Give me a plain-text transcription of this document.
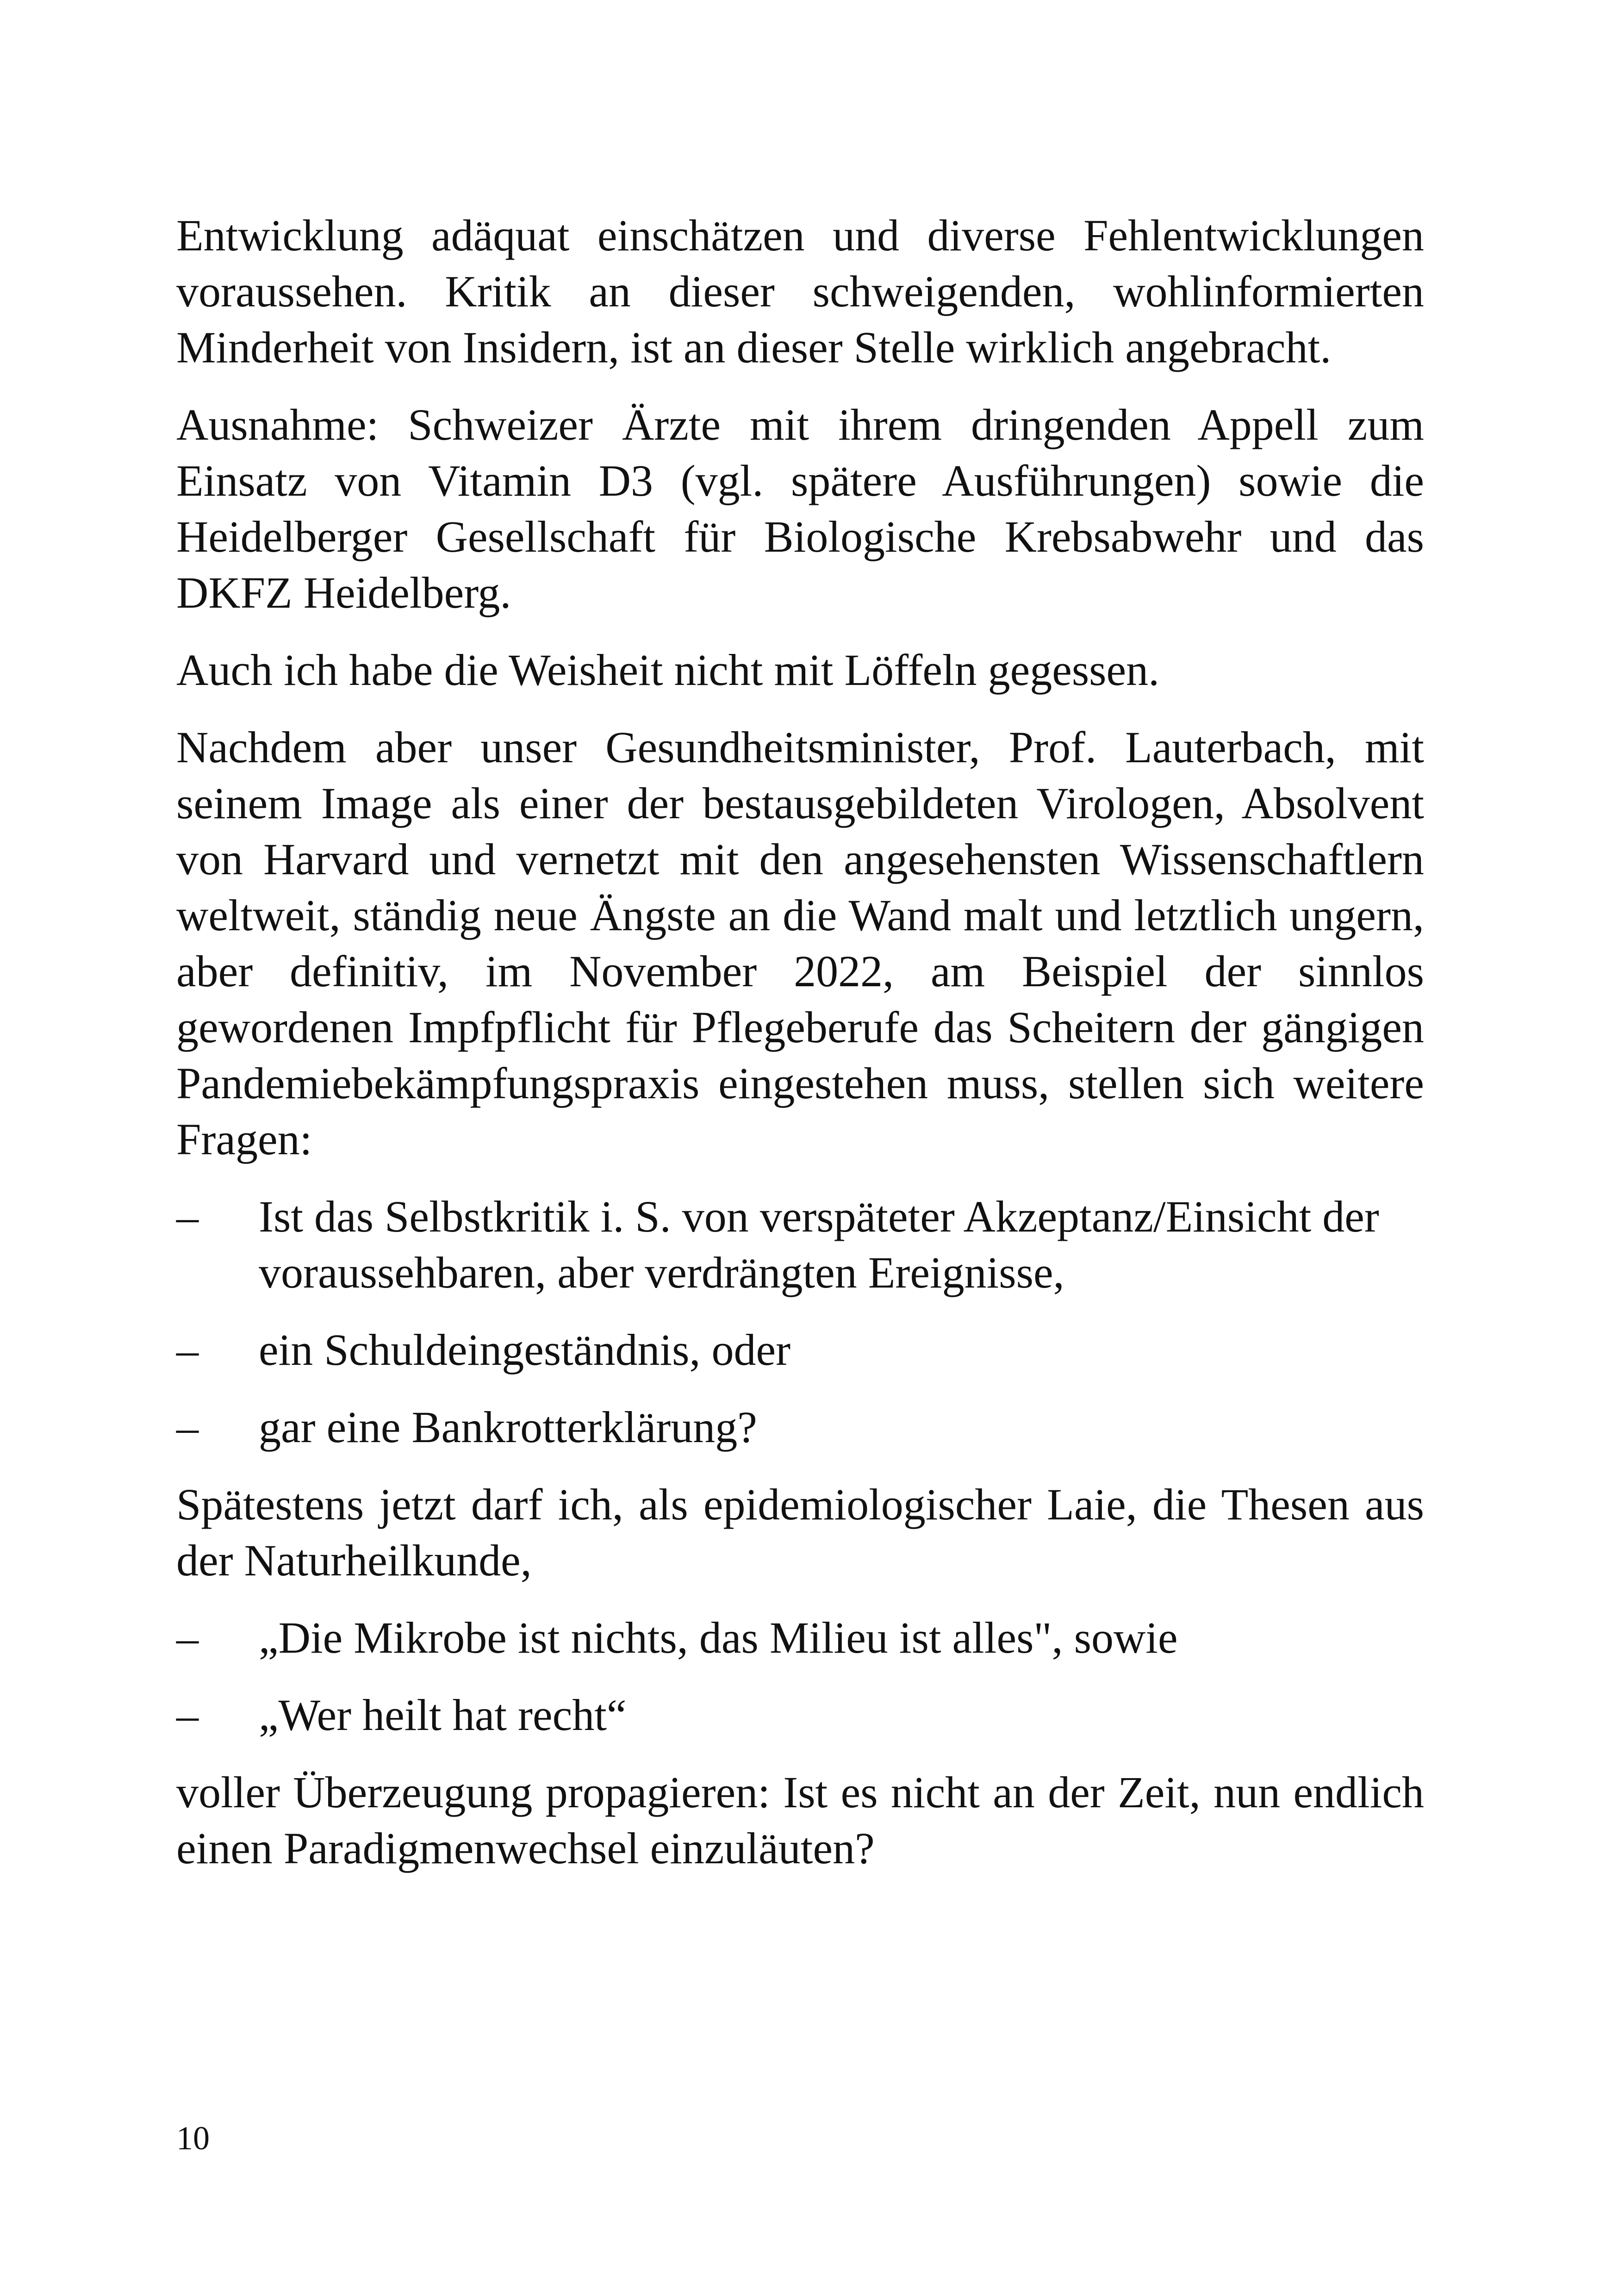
Entwicklung adäquat einschätzen und diverse Fehlentwicklungen voraussehen. Kritik an dieser schweigenden, wohlinformierten Minderheit von Insidern, ist an dieser Stelle wirklich angebracht.

Ausnahme: Schweizer Ärzte mit ihrem dringenden Appell zum Einsatz von Vitamin D3 (vgl. spätere Ausführungen) sowie die Heidelberger Gesellschaft für Biologische Krebsabwehr und das DKFZ Heidelberg.

Auch ich habe die Weisheit nicht mit Löffeln gegessen.

Nachdem aber unser Gesundheitsminister, Prof. Lauterbach, mit seinem Image als einer der bestausgebildeten Virologen, Absolvent von Harvard und vernetzt mit den angesehensten Wissenschaftlern weltweit, ständig neue Ängste an die Wand malt und letztlich ungern, aber definitiv, im November 2022, am Beispiel der sinnlos gewordenen Impfpflicht für Pflegeberufe das Scheitern der gängigen Pandemiebekämpfungspraxis eingestehen muss, stellen sich weitere Fragen:

– Ist das Selbstkritik i. S. von verspäteter Akzeptanz/Einsicht der voraussehbaren, aber verdrängten Ereignisse,
– ein Schuldeingeständnis, oder
– gar eine Bankrotterklärung?

Spätestens jetzt darf ich, als epidemiologischer Laie, die Thesen aus der Naturheilkunde,

– „Die Mikrobe ist nichts, das Milieu ist alles", sowie
– „Wer heilt hat recht“

voller Überzeugung propagieren: Ist es nicht an der Zeit, nun endlich einen Paradigmenwechsel einzuläuten?

10
